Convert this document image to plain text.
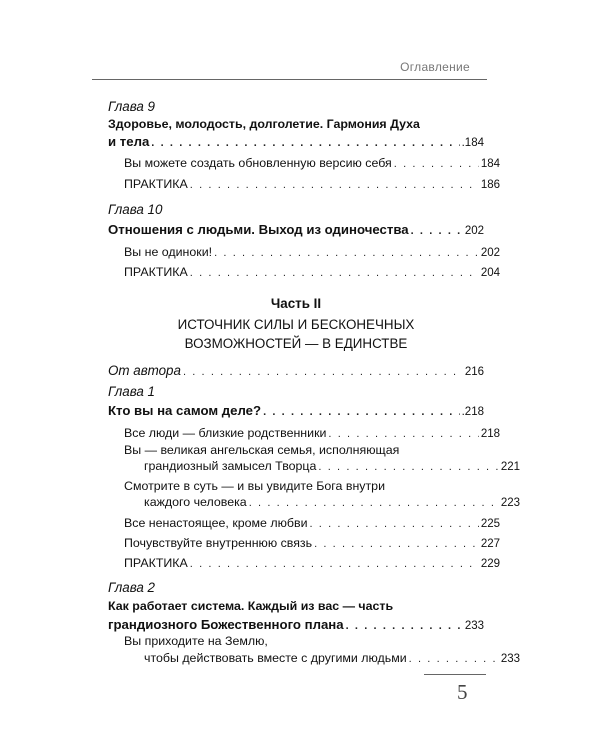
Оглавление
Глава 9
Здоровье, молодость, долголетие. Гармония Духа
и тела . . .	.184
Вы можете создать обновленную версию себя . . .	184
ПРАКТИКА . . .	186
Глава 10
Отношения с людьми. Выход из одиночества . . .	202
Вы не одиноки! . . .	202
ПРАКТИКА . . .	204
Часть II
ИСТОЧНИК СИЛЫ И БЕСКОНЕЧНЫХ
ВОЗМОЖНОСТЕЙ — В ЕДИНСТВЕ
От автора . . .	216
Глава 1
Кто вы на самом деле? . . .	.218
Все люди — близкие родственники . . .	218
Вы — великая ангельская семья, исполняющая
грандиозный замысел Творца . . .	221
Смотрите в суть — и вы увидите Бога внутри
каждого человека . . .	223
Все ненастоящее, кроме любви . . .	225
Почувствуйте внутреннюю связь . . .	227
ПРАКТИКА . . .	229
Глава 2
Как работает система. Каждый из вас — часть
грандиозного Божественного плана . . .	233
Вы приходите на Землю,
чтобы действовать вместе с другими людьми . . .	233
5
